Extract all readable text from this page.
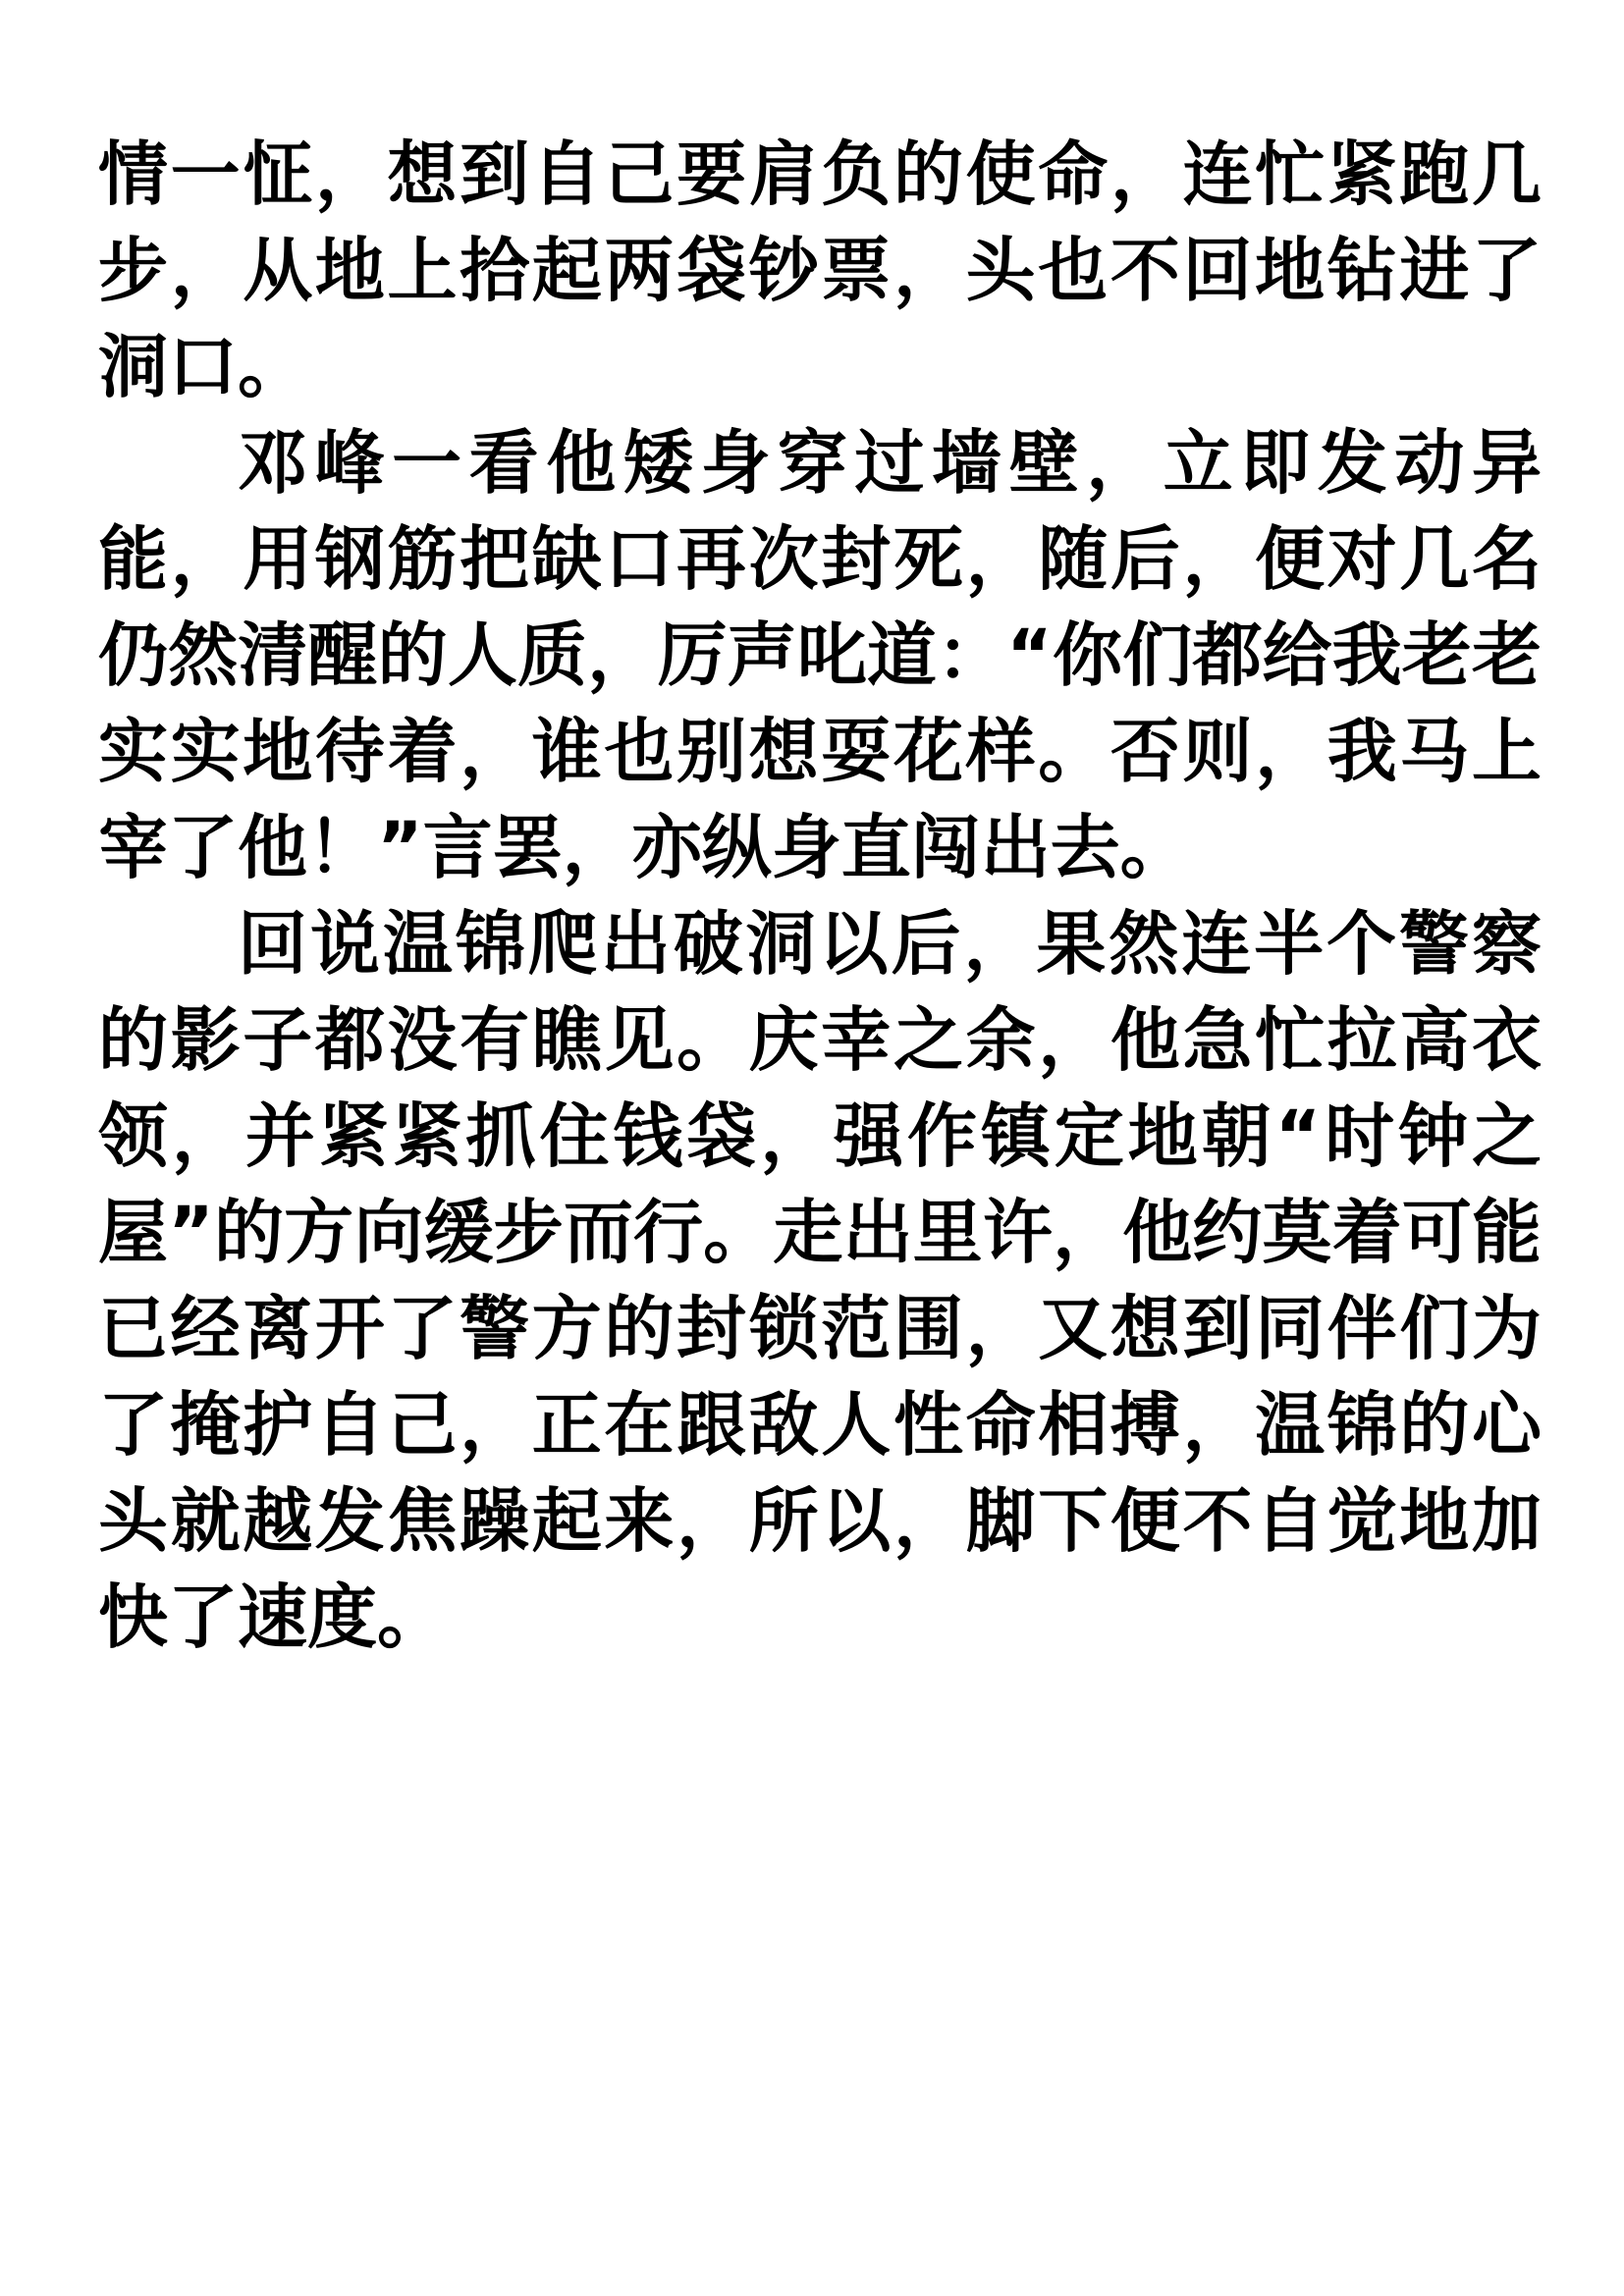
情一怔，想到自己要肩负的使命，连忙紧跑几步，从地上拾起两袋钞票，头也不回地钻进了洞口。

邓峰一看他矮身穿过墙壁，立即发动异能，用钢筋把缺口再次封死，随后，便对几名仍然清醒的人质，厉声叱道：“你们都给我老老实实地待着，谁也别想耍花样。否则，我马上宰了他！”言罢，亦纵身直闯出去。

回说温锦爬出破洞以后，果然连半个警察的影子都没有瞧见。庆幸之余，他急忙拉高衣领，并紧紧抓住钱袋，强作镇定地朝“时钟之屋”的方向缓步而行。走出里许，他约莫着可能已经离开了警方的封锁范围，又想到同伴们为了掩护自己，正在跟敌人性命相搏，温锦的心头就越发焦躁起来，所以，脚下便不自觉地加快了速度。
